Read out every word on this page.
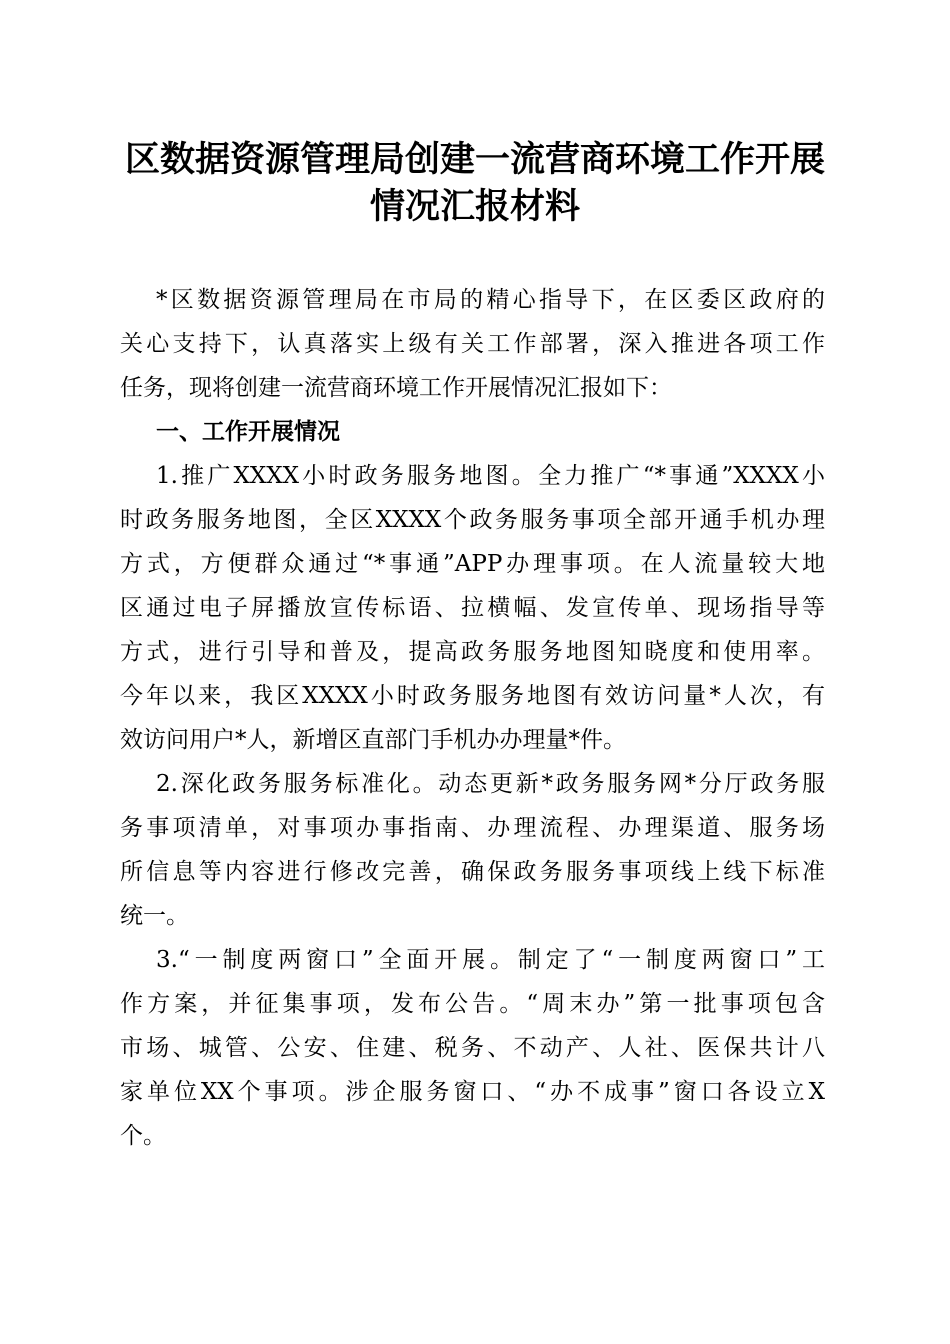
区数据资源管理局创建一流营商环境工作开展
情况汇报材料
*区数据资源管理局在市局的精心指导下，在区委区政府的
关心支持下，认真落实上级有关工作部署，深入推进各项工作
任务，现将创建一流营商环境工作开展情况汇报如下：
一、工作开展情况
1.推广XXXX小时政务服务地图。全力推广“*事通”XXXX小
时政务服务地图，全区XXXX个政务服务事项全部开通手机办理
方式，方便群众通过“*事通”APP办理事项。在人流量较大地
区通过电子屏播放宣传标语、拉横幅、发宣传单、现场指导等
方式，进行引导和普及，提高政务服务地图知晓度和使用率。
今年以来，我区XXXX小时政务服务地图有效访问量*人次，有
效访问用户*人，新增区直部门手机办办理量*件。
2.深化政务服务标准化。动态更新*政务服务网*分厅政务服
务事项清单，对事项办事指南、办理流程、办理渠道、服务场
所信息等内容进行修改完善，确保政务服务事项线上线下标准
统一。
3.“一制度两窗口”全面开展。制定了“一制度两窗口”工
作方案，并征集事项，发布公告。“周末办”第一批事项包含
市场、城管、公安、住建、税务、不动产、人社、医保共计八
家单位XX个事项。涉企服务窗口、“办不成事”窗口各设立X
个。
